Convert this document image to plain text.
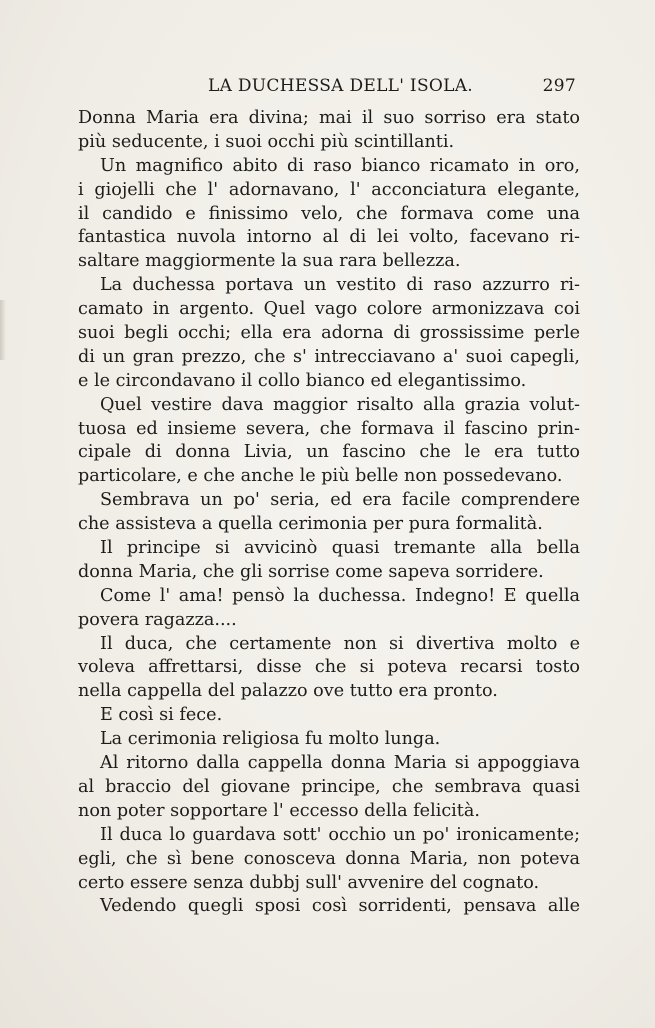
LA DUCHESSA DELL' ISOLA.	297
Donna Maria era divina; mai il suo sorriso era stato
più seducente, i suoi occhi più scintillanti.
Un magnifico abito di raso bianco ricamato in oro,
i giojelli che l' adornavano, l' acconciatura elegante,
il candido e finissimo velo, che formava come una
fantastica nuvola intorno al di lei volto, facevano ri-
saltare maggiormente la sua rara bellezza.
La duchessa portava un vestito di raso azzurro ri-
camato in argento. Quel vago colore armonizzava coi
suoi begli occhi; ella era adorna di grossissime perle
di un gran prezzo, che s' intrecciavano a' suoi capegli,
e le circondavano il collo bianco ed elegantissimo.
Quel vestire dava maggior risalto alla grazia volut-
tuosa ed insieme severa, che formava il fascino prin-
cipale di donna Livia, un fascino che le era tutto
particolare, e che anche le più belle non possedevano.
Sembrava un po' seria, ed era facile comprendere
che assisteva a quella cerimonia per pura formalità.
Il principe si avvicinò quasi tremante alla bella
donna Maria, che gli sorrise come sapeva sorridere.
Come l' ama! pensò la duchessa. Indegno! E quella
povera ragazza....
Il duca, che certamente non si divertiva molto e
voleva affrettarsi, disse che si poteva recarsi tosto
nella cappella del palazzo ove tutto era pronto.
E così si fece.
La cerimonia religiosa fu molto lunga.
Al ritorno dalla cappella donna Maria si appoggiava
al braccio del giovane principe, che sembrava quasi
non poter sopportare l' eccesso della felicità.
Il duca lo guardava sott' occhio un po' ironicamente;
egli, che sì bene conosceva donna Maria, non poteva
certo essere senza dubbj sull' avvenire del cognato.
Vedendo quegli sposi così sorridenti, pensava alle
